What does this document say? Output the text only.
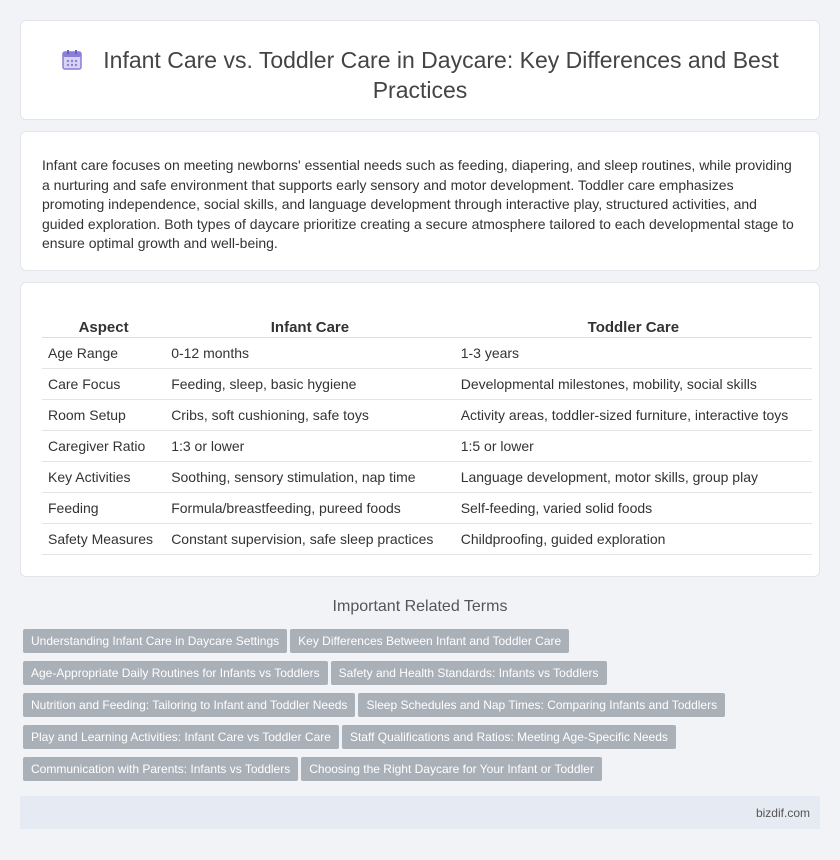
Infant Care vs. Toddler Care in Daycare: Key Differences and Best Practices

Infant care focuses on meeting newborns' essential needs such as feeding, diapering, and sleep routines, while providing a nurturing and safe environment that supports early sensory and motor development. Toddler care emphasizes promoting independence, social skills, and language development through interactive play, structured activities, and guided exploration. Both types of daycare prioritize creating a secure atmosphere tailored to each developmental stage to ensure optimal growth and well-being.

Aspect	Infant Care	Toddler Care
Age Range	0-12 months	1-3 years
Care Focus	Feeding, sleep, basic hygiene	Developmental milestones, mobility, social skills
Room Setup	Cribs, soft cushioning, safe toys	Activity areas, toddler-sized furniture, interactive toys
Caregiver Ratio	1:3 or lower	1:5 or lower
Key Activities	Soothing, sensory stimulation, nap time	Language development, motor skills, group play
Feeding	Formula/breastfeeding, pureed foods	Self-feeding, varied solid foods
Safety Measures	Constant supervision, safe sleep practices	Childproofing, guided exploration
Important Related Terms
Understanding Infant Care in Daycare Settings Key Differences Between Infant and Toddler Care
Age-Appropriate Daily Routines for Infants vs Toddlers Safety and Health Standards: Infants vs Toddlers
Nutrition and Feeding: Tailoring to Infant and Toddler Needs Sleep Schedules and Nap Times: Comparing Infants and Toddlers
Play and Learning Activities: Infant Care vs Toddler Care Staff Qualifications and Ratios: Meeting Age-Specific Needs
Communication with Parents: Infants vs Toddlers Choosing the Right Daycare for Your Infant or Toddler
bizdif.com
